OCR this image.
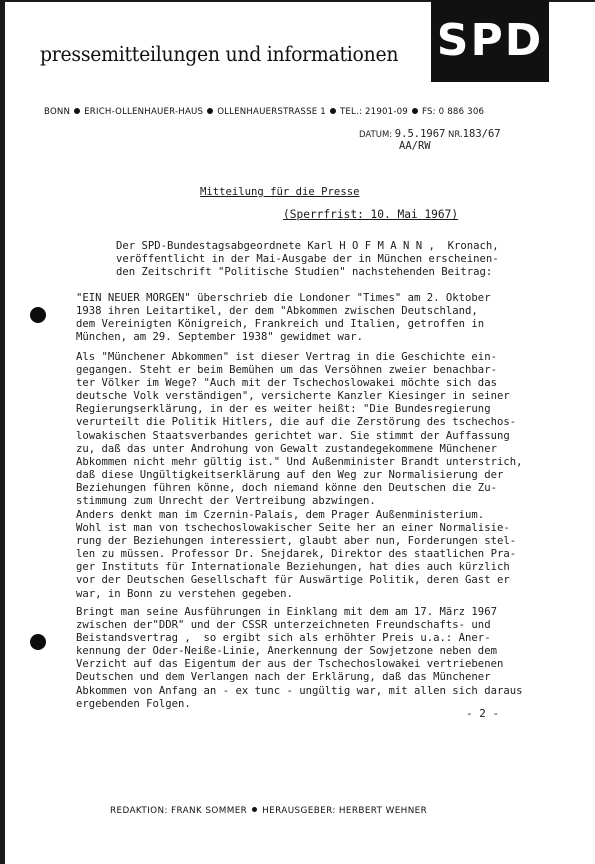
pressemitteilungen und informationen SPD
BONN ERICH-OLLENHAUER-HAUS OLLENHAUERSTRASSE 1 TEL.: 21901-09 FS: 0 886 306
DATUM: 9.5.1967 NR.183/67
AA/RW
Mitteilung für die Presse
(Sperrfrist: 10. Mai 1967)
Der SPD-Bundestagsabgeordnete Karl H O F M A N N ,  Kronach,
veröffentlicht in der Mai-Ausgabe der in München erscheinen-
den Zeitschrift "Politische Studien" nachstehenden Beitrag:
"EIN NEUER MORGEN" überschrieb die Londoner "Times" am 2. Oktober
1938 ihren Leitartikel, der dem "Abkommen zwischen Deutschland,
dem Vereinigten Königreich, Frankreich und Italien, getroffen in
München, am 29. September 1938" gewidmet war.
Als "Münchener Abkommen" ist dieser Vertrag in die Geschichte ein-
gegangen. Steht er beim Bemühen um das Versöhnen zweier benachbar-
ter Völker im Wege? "Auch mit der Tschechoslowakei möchte sich das
deutsche Volk verständigen", versicherte Kanzler Kiesinger in seiner
Regierungserklärung, in der es weiter heißt: "Die Bundesregierung
verurteilt die Politik Hitlers, die auf die Zerstörung des tschechos-
lowakischen Staatsverbandes gerichtet war. Sie stimmt der Auffassung
zu, daß das unter Androhung von Gewalt zustandegekommene Münchener
Abkommen nicht mehr gültig ist." Und Außenminister Brandt unterstrich,
daß diese Ungültigkeitserklärung auf den Weg zur Normalisierung der
Beziehungen führen könne, doch niemand könne den Deutschen die Zu-
stimmung zum Unrecht der Vertreibung abzwingen.
Anders denkt man im Czernin-Palais, dem Prager Außenministerium.
Wohl ist man von tschechoslowakischer Seite her an einer Normalisie-
rung der Beziehungen interessiert, glaubt aber nun, Forderungen stel-
len zu müssen. Professor Dr. Snejdarek, Direktor des staatlichen Pra-
ger Instituts für Internationale Beziehungen, hat dies auch kürzlich
vor der Deutschen Gesellschaft für Auswärtige Politik, deren Gast er
war, in Bonn zu verstehen gegeben.
Bringt man seine Ausführungen in Einklang mit dem am 17. März 1967
zwischen der"DDR" und der CSSR unterzeichneten Freundschafts- und
Beistandsvertrag ,  so ergibt sich als erhöhter Preis u.a.: Aner-
kennung der Oder-Neiße-Linie, Anerkennung der Sowjetzone neben dem
Verzicht auf das Eigentum der aus der Tschechoslowakei vertriebenen
Deutschen und dem Verlangen nach der Erklärung, daß das Münchener
Abkommen von Anfang an - ex tunc - ungültig war, mit allen sich daraus
ergebenden Folgen.
- 2 -
REDAKTION: FRANK SOMMER HERAUSGEBER: HERBERT WEHNER
